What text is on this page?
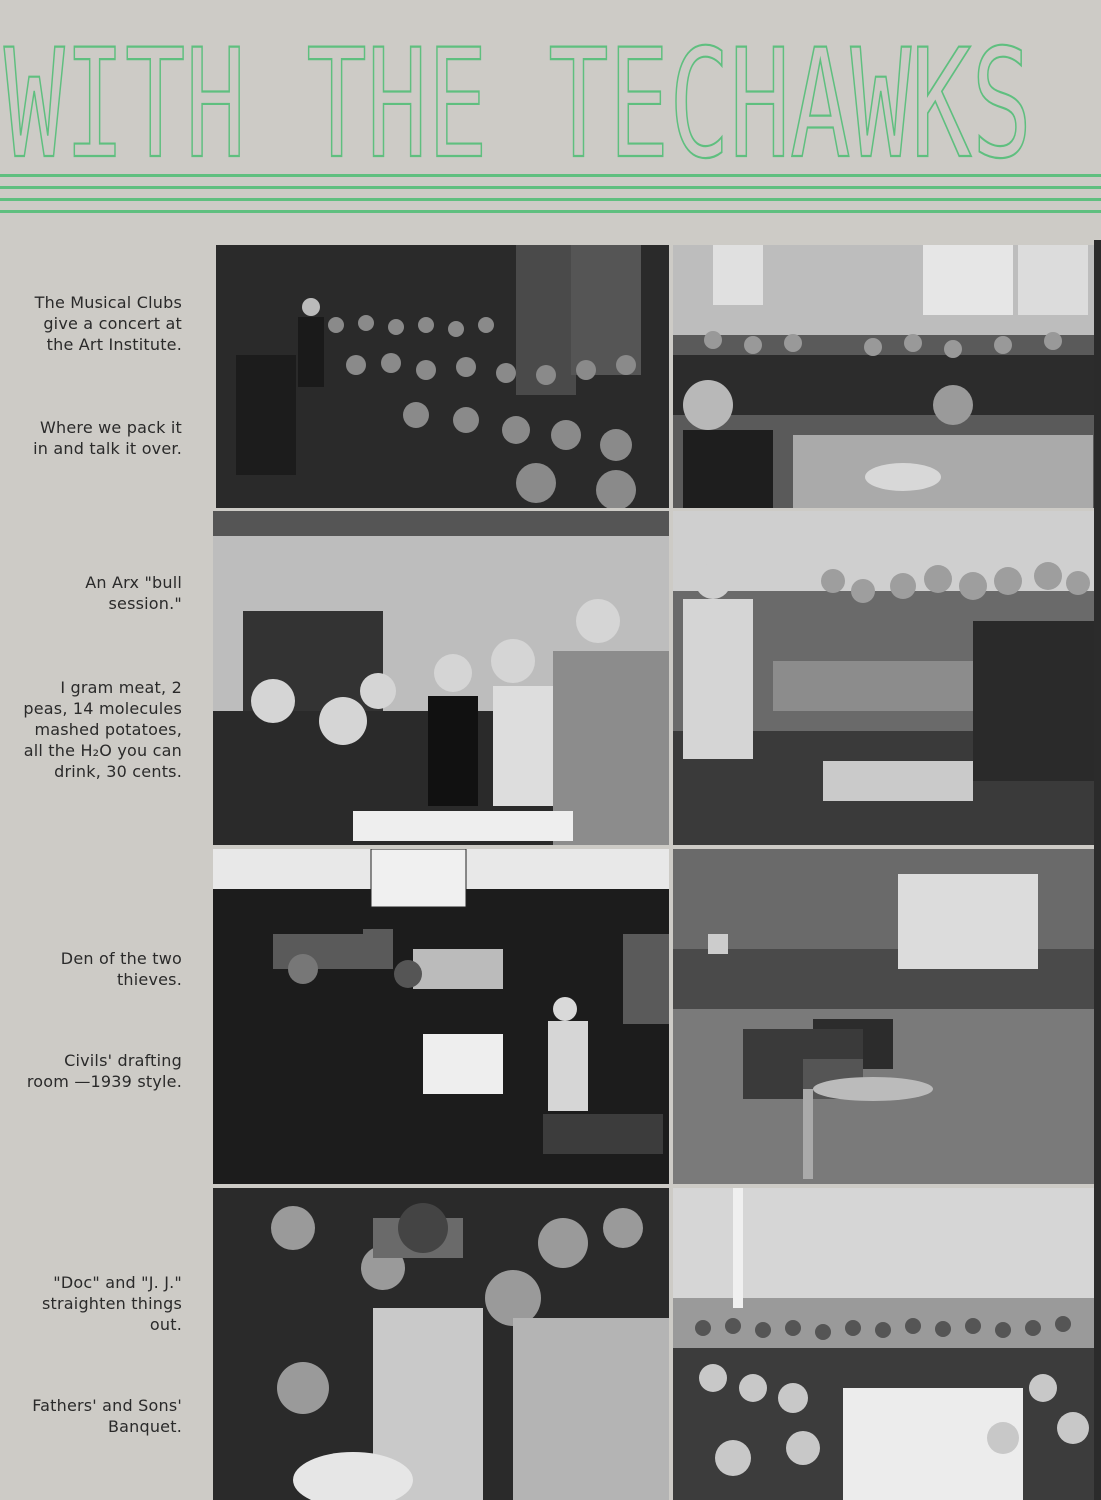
WITH THE TECHAWKS
The Musical Clubs give a concert at the Art Institute.
Where we pack it in and talk it over.
An Arx "bull session."
I gram meat, 2 peas, 14 molecules mashed potatoes, all the H₂O you can drink, 30 cents.
Den of the two thieves.
Civils' drafting room —1939 style.
"Doc" and "J. J." straighten things out.
Fathers' and Sons' Banquet.
